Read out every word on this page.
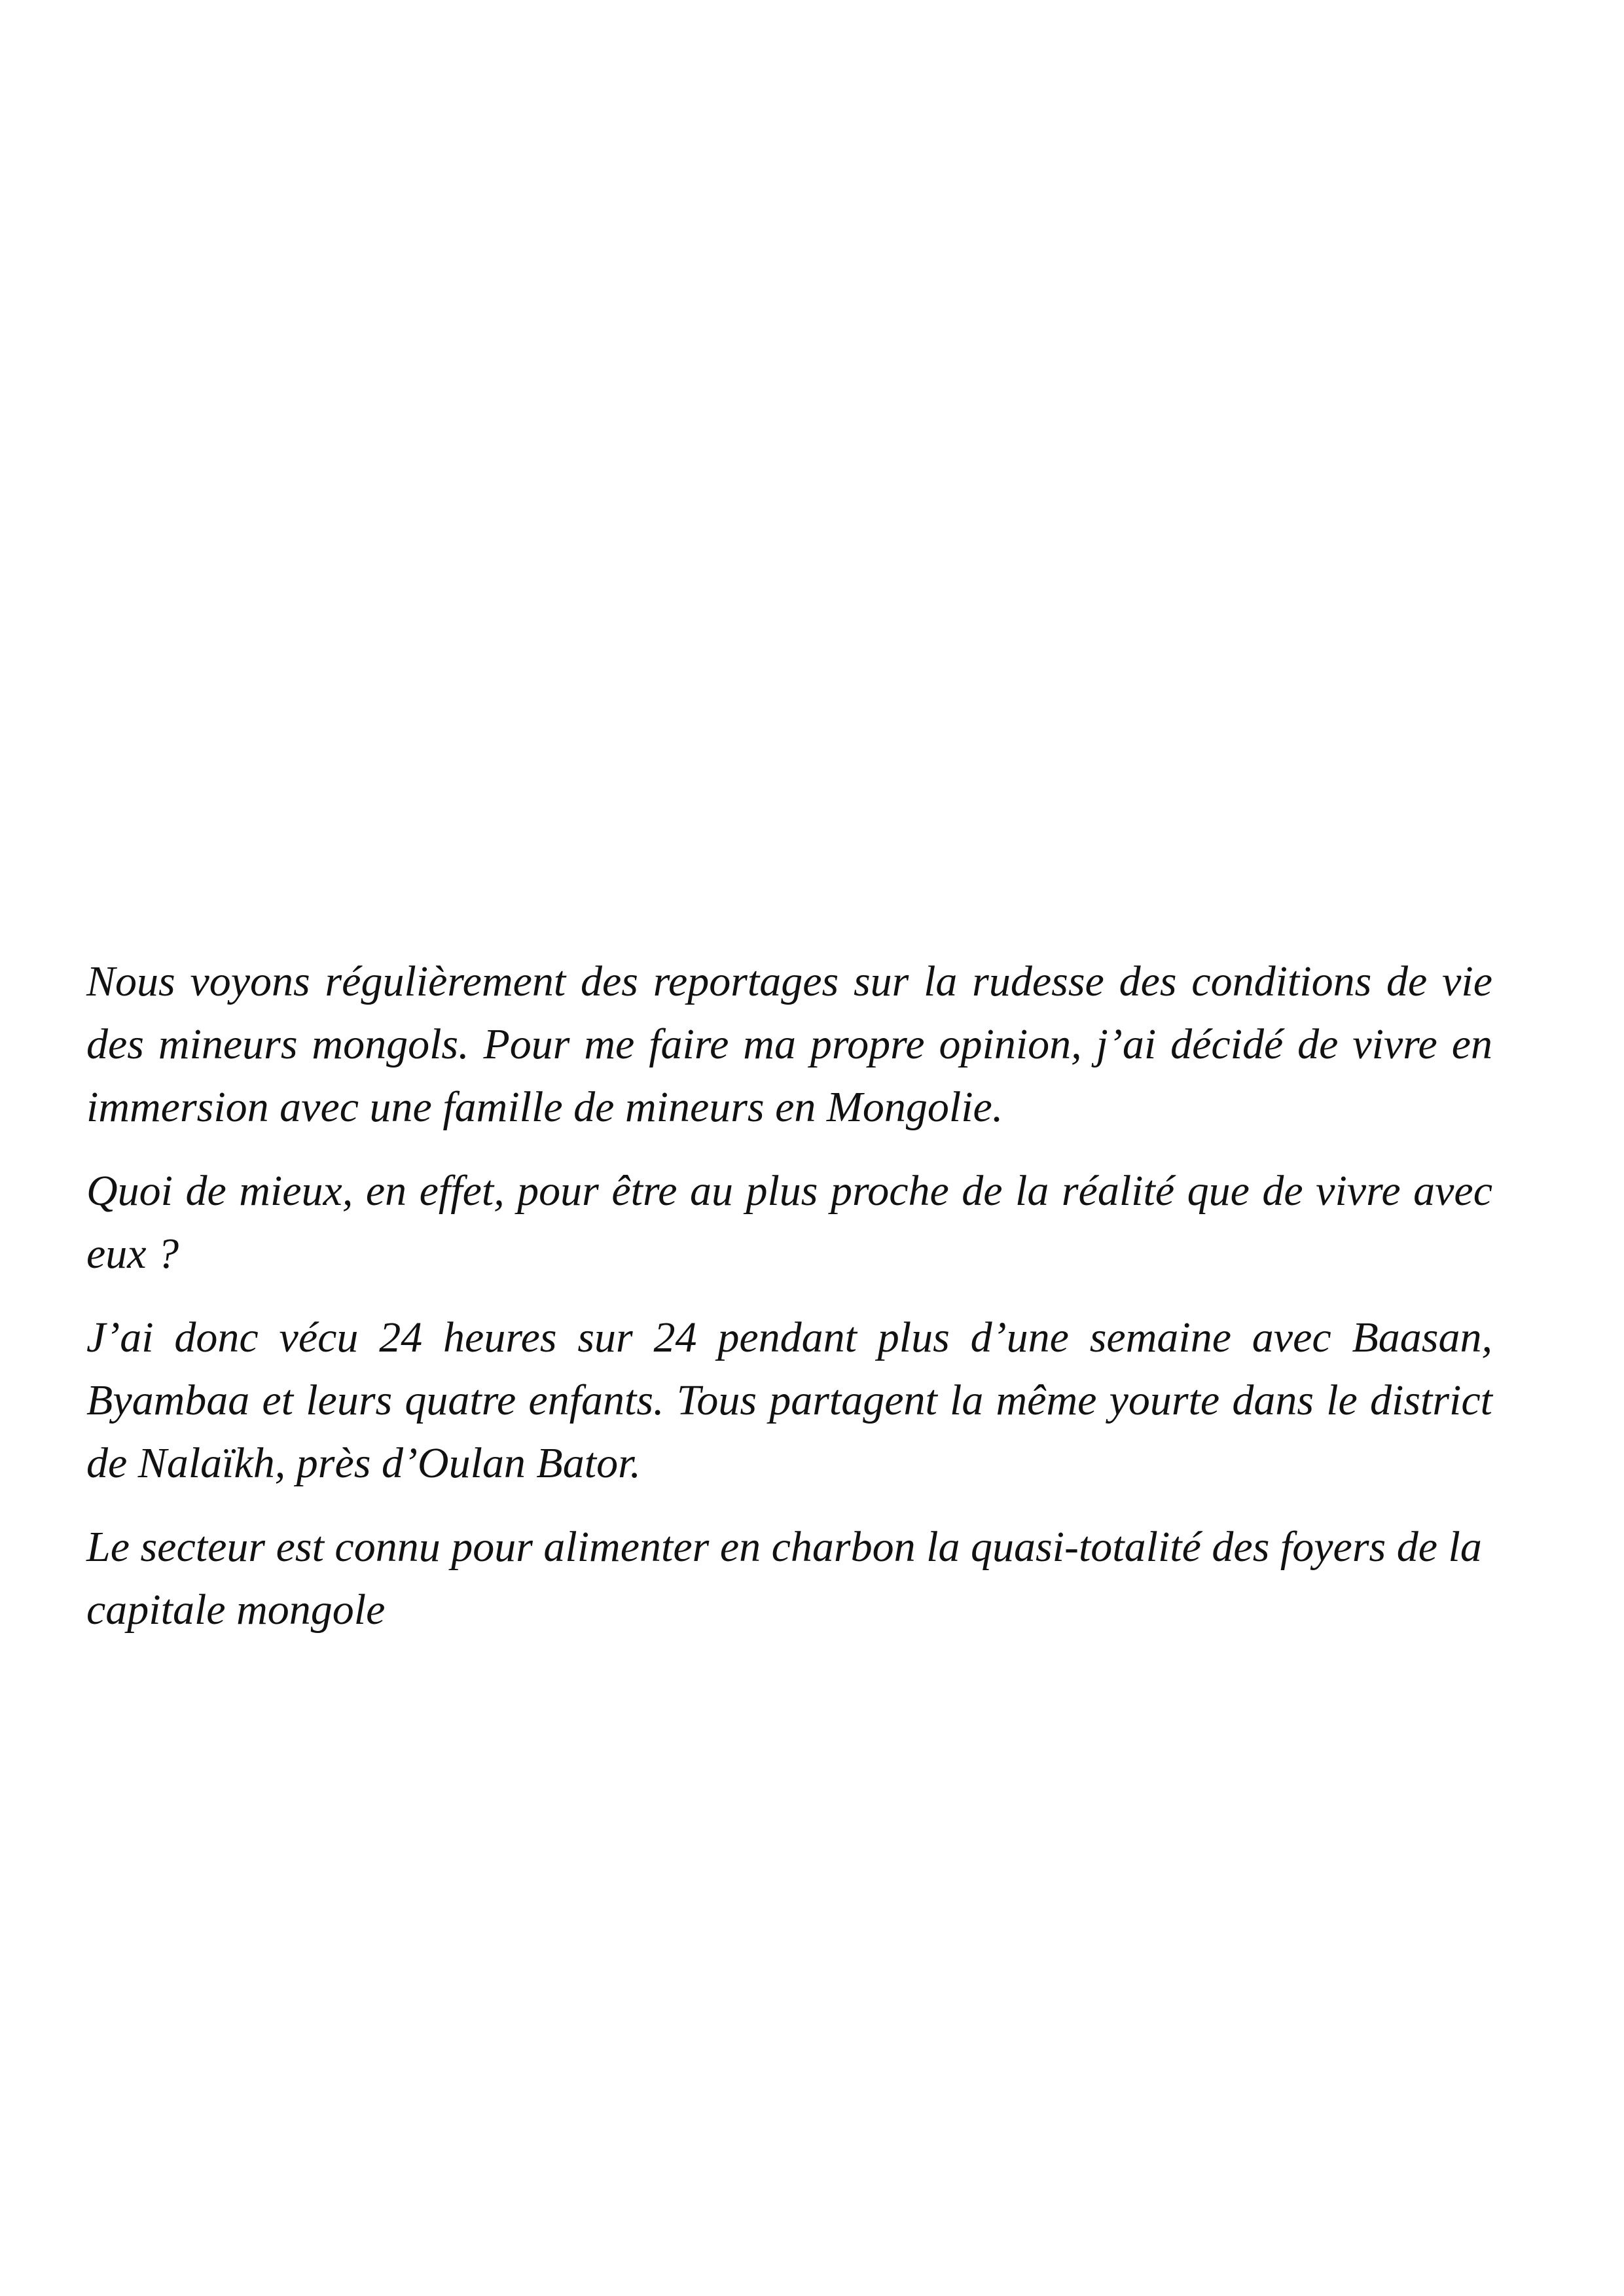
Nous voyons régulièrement des reportages sur la rudesse des conditions de vie des mineurs mongols. Pour me faire ma propre opinion, j’ai décidé de vivre en immersion avec une famille de mineurs en Mongolie.

Quoi de mieux, en effet, pour être au plus proche de la réalité que de vivre avec eux ?

J’ai donc vécu 24 heures sur 24 pendant plus d’une semaine avec Baasan, Byambaa et leurs quatre enfants. Tous partagent la même yourte dans le district de Nalaïkh, près d’Oulan Bator.

Le secteur est connu pour alimenter en charbon la quasi-totalité des foyers de la capitale mongole
